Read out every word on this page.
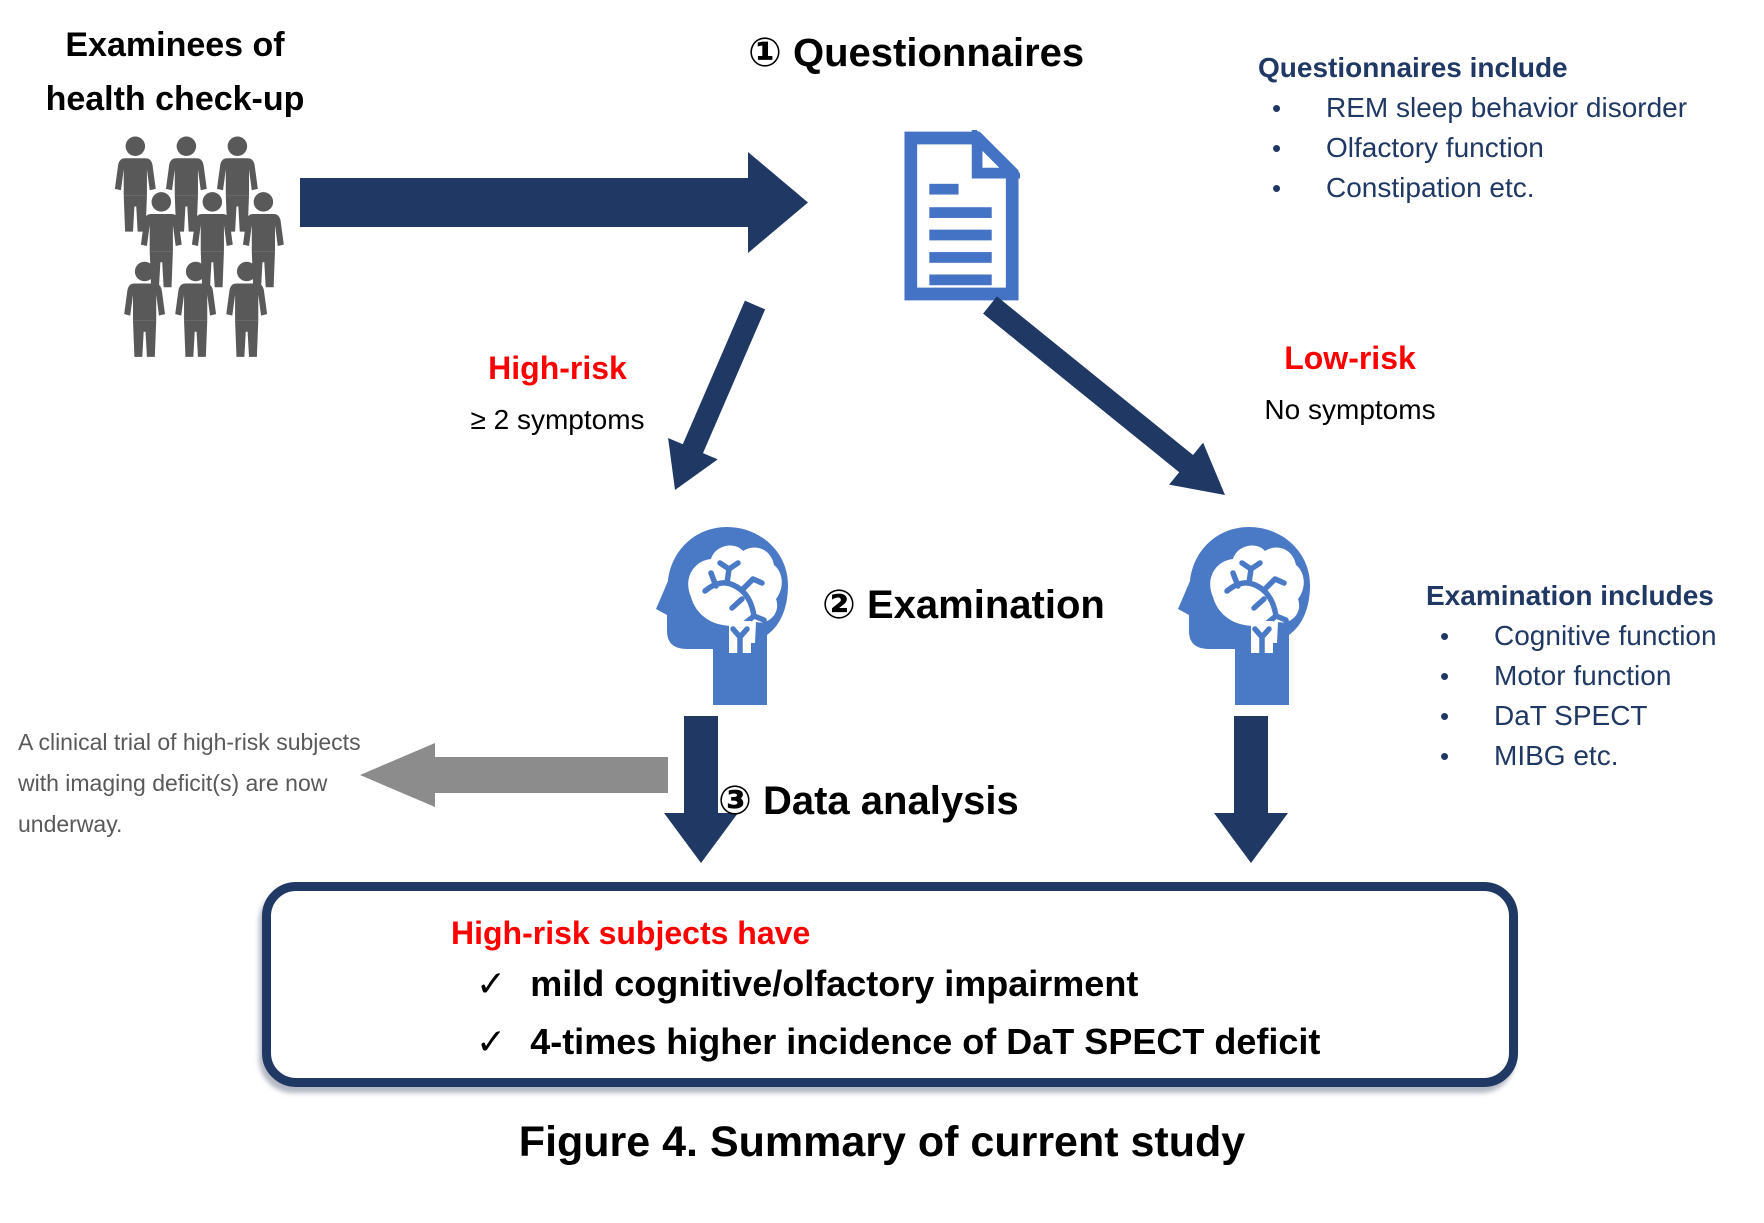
Examinees of
health check-up
① Questionnaires	Questionnaires include
•	REM sleep behavior disorder
•	Olfactory function
•	Constipation etc.
High-risk
≥ 2 symptoms
Low-risk
No symptoms
② Examination	Examination includes
•	Cognitive function
•	Motor function
•	DaT SPECT
•	MIBG etc.
A clinical trial of high-risk subjects
with imaging deficit(s) are now
underway.
③ Data analysis
High-risk subjects have
✓ mild cognitive/olfactory impairment
✓ 4-times higher incidence of DaT SPECT deficit
Figure 4. Summary of current study
